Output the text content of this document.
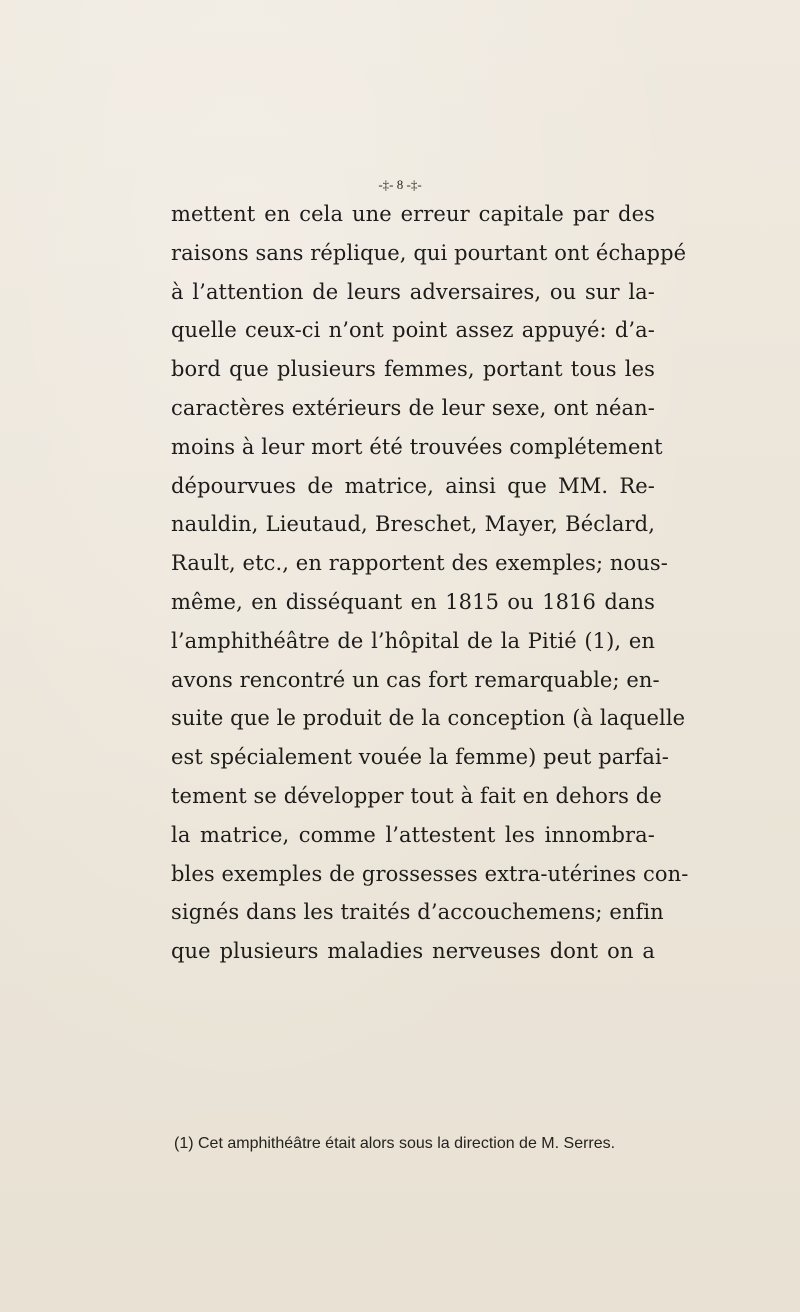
-‡- 8 -‡-
mettent en cela une erreur capitale par des
raisons sans réplique, qui pourtant ont échappé
à l’attention de leurs adversaires, ou sur la-
quelle ceux-ci n’ont point assez appuyé: d’a-
bord que plusieurs femmes, portant tous les
caractères extérieurs de leur sexe, ont néan-
moins à leur mort été trouvées complétement
dépourvues de matrice, ainsi que MM. Re-
nauldin, Lieutaud, Breschet, Mayer, Béclard,
Rault, etc., en rapportent des exemples; nous-
même, en disséquant en 1815 ou 1816 dans
l’amphithéâtre de l’hôpital de la Pitié (1), en
avons rencontré un cas fort remarquable; en-
suite que le produit de la conception (à laquelle
est spécialement vouée la femme) peut parfai-
tement se développer tout à fait en dehors de
la matrice, comme l’attestent les innombra-
bles exemples de grossesses extra-utérines con-
signés dans les traités d’accouchemens; enfin
que plusieurs maladies nerveuses dont on a
(1) Cet amphithéâtre était alors sous la direction de M. Serres.
